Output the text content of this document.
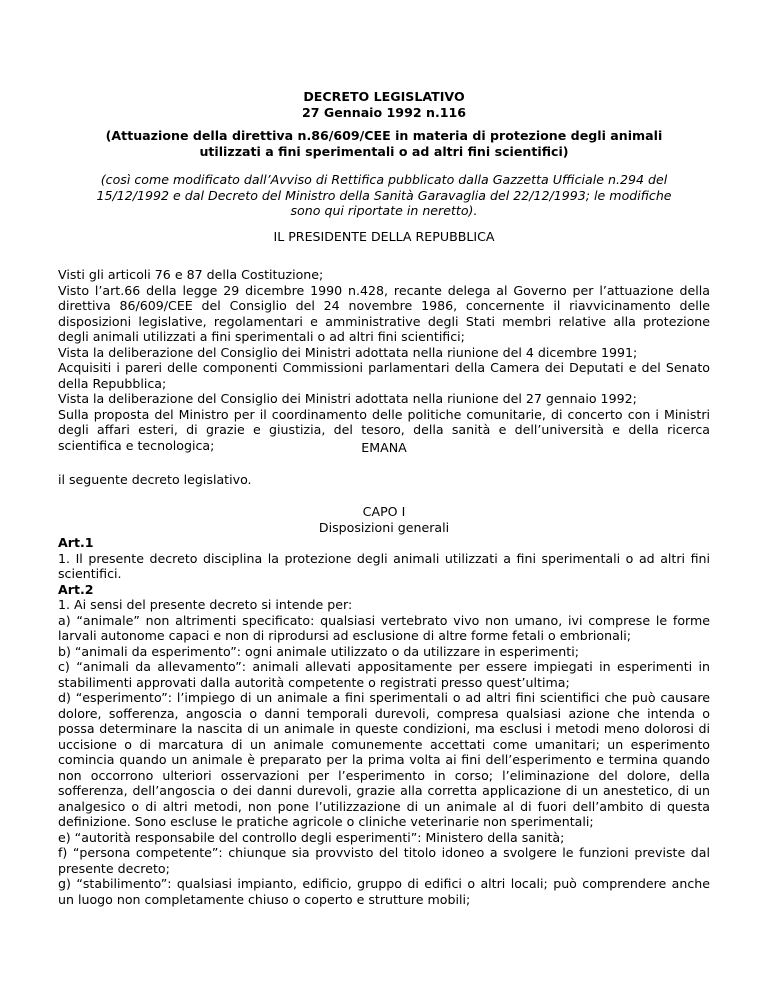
DECRETO LEGISLATIVO
27 Gennaio 1992 n.116
(Attuazione della direttiva n.86/609/CEE in materia di protezione degli animali
utilizzati a fini sperimentali o ad altri fini scientifici)
(così come modificato dall’Avviso di Rettifica pubblicato dalla Gazzetta Ufficiale n.294 del
15/12/1992 e dal Decreto del Ministro della Sanità Garavaglia del 22/12/1993; le modifiche
sono qui riportate in neretto).
IL PRESIDENTE DELLA REPUBBLICA

Visti gli articoli 76 e 87 della Costituzione;

Visto l’art.66 della legge 29 dicembre 1990 n.428, recante delega al Governo per l’attuazione della direttiva 86/609/CEE del Consiglio del 24 novembre 1986, concernente il riavvicinamento delle disposizioni legislative, regolamentari e amministrative degli Stati membri relative alla protezione degli animali utilizzati a fini sperimentali o ad altri fini scientifici;

Vista la deliberazione del Consiglio dei Ministri adottata nella riunione del 4 dicembre 1991;

Acquisiti i pareri delle componenti Commissioni parlamentari della Camera dei Deputati e del Senato della Repubblica;

Vista la deliberazione del Consiglio dei Ministri adottata nella riunione del 27 gennaio 1992;

Sulla proposta del Ministro per il coordinamento delle politiche comunitarie, di concerto con i Ministri degli affari esteri, di grazie e giustizia, del tesoro, della sanità e dell’università e della ricerca scientifica e tecnologica;	EMANA
il seguente decreto legislativo.
CAPO I
Disposizioni generali

Art.1

1. Il presente decreto disciplina la protezione degli animali utilizzati a fini sperimentali o ad altri fini scientifici.

Art.2

1. Ai sensi del presente decreto si intende per:

a) “animale” non altrimenti specificato: qualsiasi vertebrato vivo non umano, ivi comprese le forme larvali autonome capaci e non di riprodursi ad esclusione di altre forme fetali o embrionali;

b) “animali da esperimento”: ogni animale utilizzato o da utilizzare in esperimenti;

c) “animali da allevamento”: animali allevati appositamente per essere impiegati in esperimenti in stabilimenti approvati dalla autorità competente o registrati presso quest’ultima;

d) “esperimento”: l’impiego di un animale a fini sperimentali o ad altri fini scientifici che può causare dolore, sofferenza, angoscia o danni temporali durevoli, compresa qualsiasi azione che intenda o possa determinare la nascita di un animale in queste condizioni, ma esclusi i metodi meno dolorosi di uccisione o di marcatura di un animale comunemente accettati come umanitari; un esperimento comincia quando un animale è preparato per la prima volta ai fini dell’esperimento e termina quando non occorrono ulteriori osservazioni per l’esperimento in corso; l’eliminazione del dolore, della sofferenza, dell’angoscia o dei danni durevoli, grazie alla corretta applicazione di un anestetico, di un analgesico o di altri metodi, non pone l’utilizzazione di un animale al di fuori dell’ambito di questa definizione. Sono escluse le pratiche agricole o cliniche veterinarie non sperimentali;

e) “autorità responsabile del controllo degli esperimenti”: Ministero della sanità;

f) “persona competente”: chiunque sia provvisto del titolo idoneo a svolgere le funzioni previste dal presente decreto;

g) “stabilimento”: qualsiasi impianto, edificio, gruppo di edifici o altri locali; può comprendere anche un luogo non completamente chiuso o coperto e strutture mobili;
